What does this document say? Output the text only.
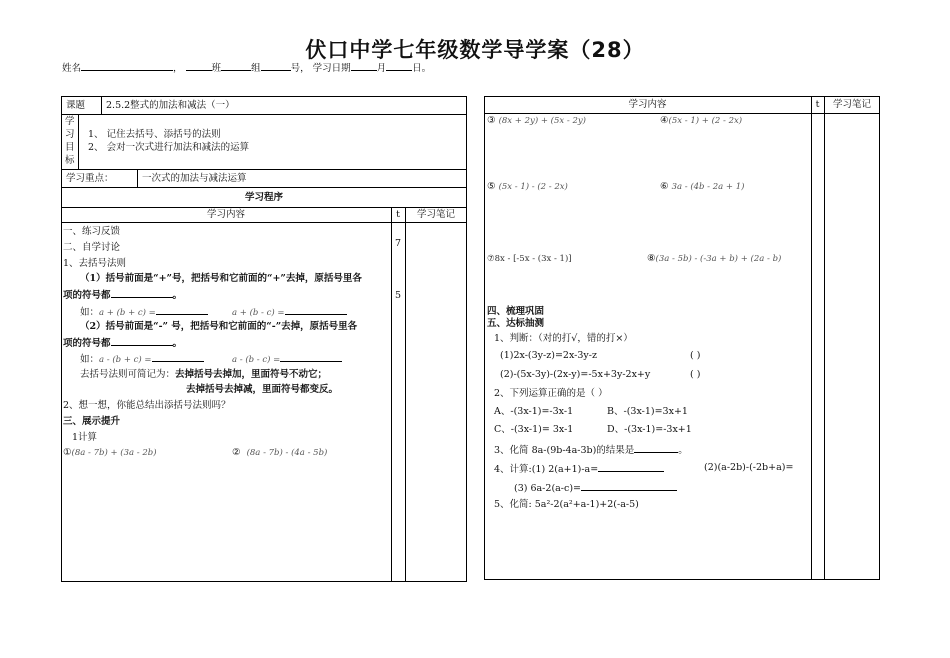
伏口中学七年级数学导学案（28）
姓名	，	班	组	号， 学习日期	月	日。
课题 2.5.2整式的加法和减法（一）
学
习
目
标
1、 记住去括号、添括号的法则
2、 会对一次式进行加法和减法的运算
学习重点：	一次式的加法与减法运算
学习程序
学习内容	t	学习笔记
7
5
一、练习反馈
二、自学讨论
1、去括号法则
（1）括号前面是“+”号，把括号和它前面的“+”去掉，原括号里各
项的符号都	。
如：a + (b + c) =	a + (b - c) =
（2）括号前面是“-” 号，把括号和它前面的“-”去掉，原括号里各
项的符号都	。
如：a - (b + c) =	a - (b - c) =
去括号法则可简记为：去掉括号去掉加，里面符号不动它；
去掉括号去掉减，里面符号都变反。
2、想一想，你能总结出添括号法则吗？
三、展示提升
1计算
①(8a - 7b) + (3a - 2b)	② (8a - 7b) - (4a - 5b)
学习内容	t	学习笔记
③ (8x + 2y) + (5x - 2y)	④(5x - 1) + (2 - 2x)
⑤ (5x - 1) - (2 - 2x)	⑥ 3a - (4b - 2a + 1)
⑦8x - [-5x - (3x - 1)]	⑧(3a - 5b) - (-3a + b) + (2a - b)
四、梳理巩固
五、达标抽测
1、判断：（对的打√，错的打×）
(1)2x-(3y-z)=2x-3y-z	( )
(2)-(5x-3y)-(2x-y)=-5x+3y-2x+y	( )
2、下列运算正确的是（ ）
A、-(3x-1)=-3x-1	B、-(3x-1)=3x+1
C、-(3x-1)= 3x-1	D、-(3x-1)=-3x+1
3、化简 8a-(9b-4a-3b)的结果是	。
4、计算:(1) 2(a+1)-a=	(2)(a-2b)-(-2b+a)=
(3) 6a-2(a-c)=
5、化简: 5a²-2(a²+a-1)+2(-a-5)
